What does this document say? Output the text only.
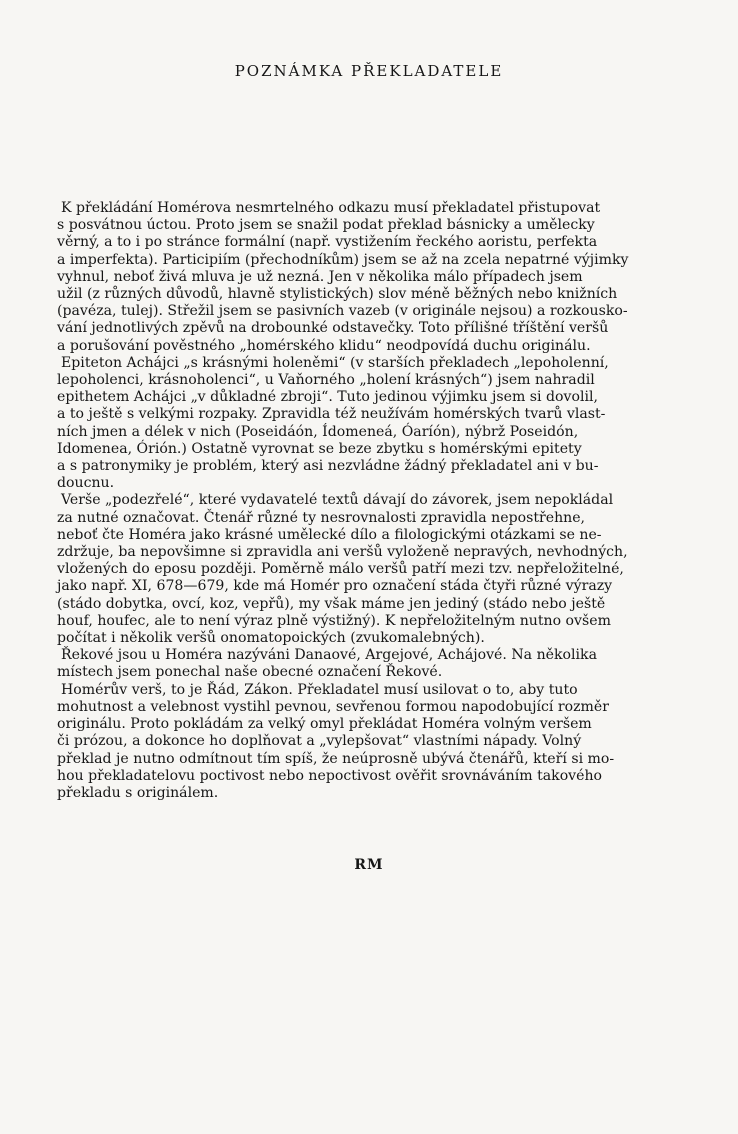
POZNÁMKA PŘEKLADATELE
K překládání Homérova nesmrtelného odkazu musí překladatel přistupovat
s posvátnou úctou. Proto jsem se snažil podat překlad básnicky a umělecky
věrný, a to i po stránce formální (např. vystižením řeckého aoristu, perfekta
a imperfekta). Participiím (přechodníkům) jsem se až na zcela nepatrné výjimky
vyhnul, neboť živá mluva je už nezná. Jen v několika málo případech jsem
užil (z různých důvodů, hlavně stylistických) slov méně běžných nebo knižních
(pavéza, tulej). Střežil jsem se pasivních vazeb (v originále nejsou) a rozkousko-
vání jednotlivých zpěvů na drobounké odstavečky. Toto přílišné tříštění veršů
a porušování pověstného „homérského klidu“ neodpovídá duchu originálu.
Epiteton Achájci „s krásnými holeněmi“ (v starších překladech „lepoholenní,
lepoholenci, krásnoholenci“, u Vaňorného „holení krásných“) jsem nahradil
epithetem Achájci „v důkladné zbroji“. Tuto jedinou výjimku jsem si dovolil,
a to ještě s velkými rozpaky. Zpravidla též neužívám homérských tvarů vlast-
ních jmen a délek v nich (Poseidáón, Ídomeneá, Óaríón), nýbrž Poseidón,
Idomenea, Órión.) Ostatně vyrovnat se beze zbytku s homérskými epitety
a s patronymiky je problém, který asi nezvládne žádný překladatel ani v bu-
doucnu.
Verše „podezřelé“, které vydavatelé textů dávají do závorek, jsem nepokládal
za nutné označovat. Čtenář různé ty nesrovnalosti zpravidla nepostřehne,
neboť čte Homéra jako krásné umělecké dílo a filologickými otázkami se ne-
zdržuje, ba nepovšimne si zpravidla ani veršů vyloženě nepravých, nevhodných,
vložených do eposu později. Poměrně málo veršů patří mezi tzv. nepřeložitelné,
jako např. XI, 678—679, kde má Homér pro označení stáda čtyři různé výrazy
(stádo dobytka, ovcí, koz, vepřů), my však máme jen jediný (stádo nebo ještě
houf, houfec, ale to není výraz plně výstižný). K nepřeložitelným nutno ovšem
počítat i několik veršů onomatopoických (zvukomalebných).
Řekové jsou u Homéra nazýváni Danaové, Argejové, Achájové. Na několika
místech jsem ponechal naše obecné označení Řekové.
Homérův verš, to je Řád, Zákon. Překladatel musí usilovat o to, aby tuto
mohutnost a velebnost vystihl pevnou, sevřenou formou napodobující rozměr
originálu. Proto pokládám za velký omyl překládat Homéra volným veršem
či prózou, a dokonce ho doplňovat a „vylepšovat“ vlastními nápady. Volný
překlad je nutno odmítnout tím spíš, že neúprosně ubývá čtenářů, kteří si mo-
hou překladatelovu poctivost nebo nepoctivost ověřit srovnáváním takového
překladu s originálem.
RM
